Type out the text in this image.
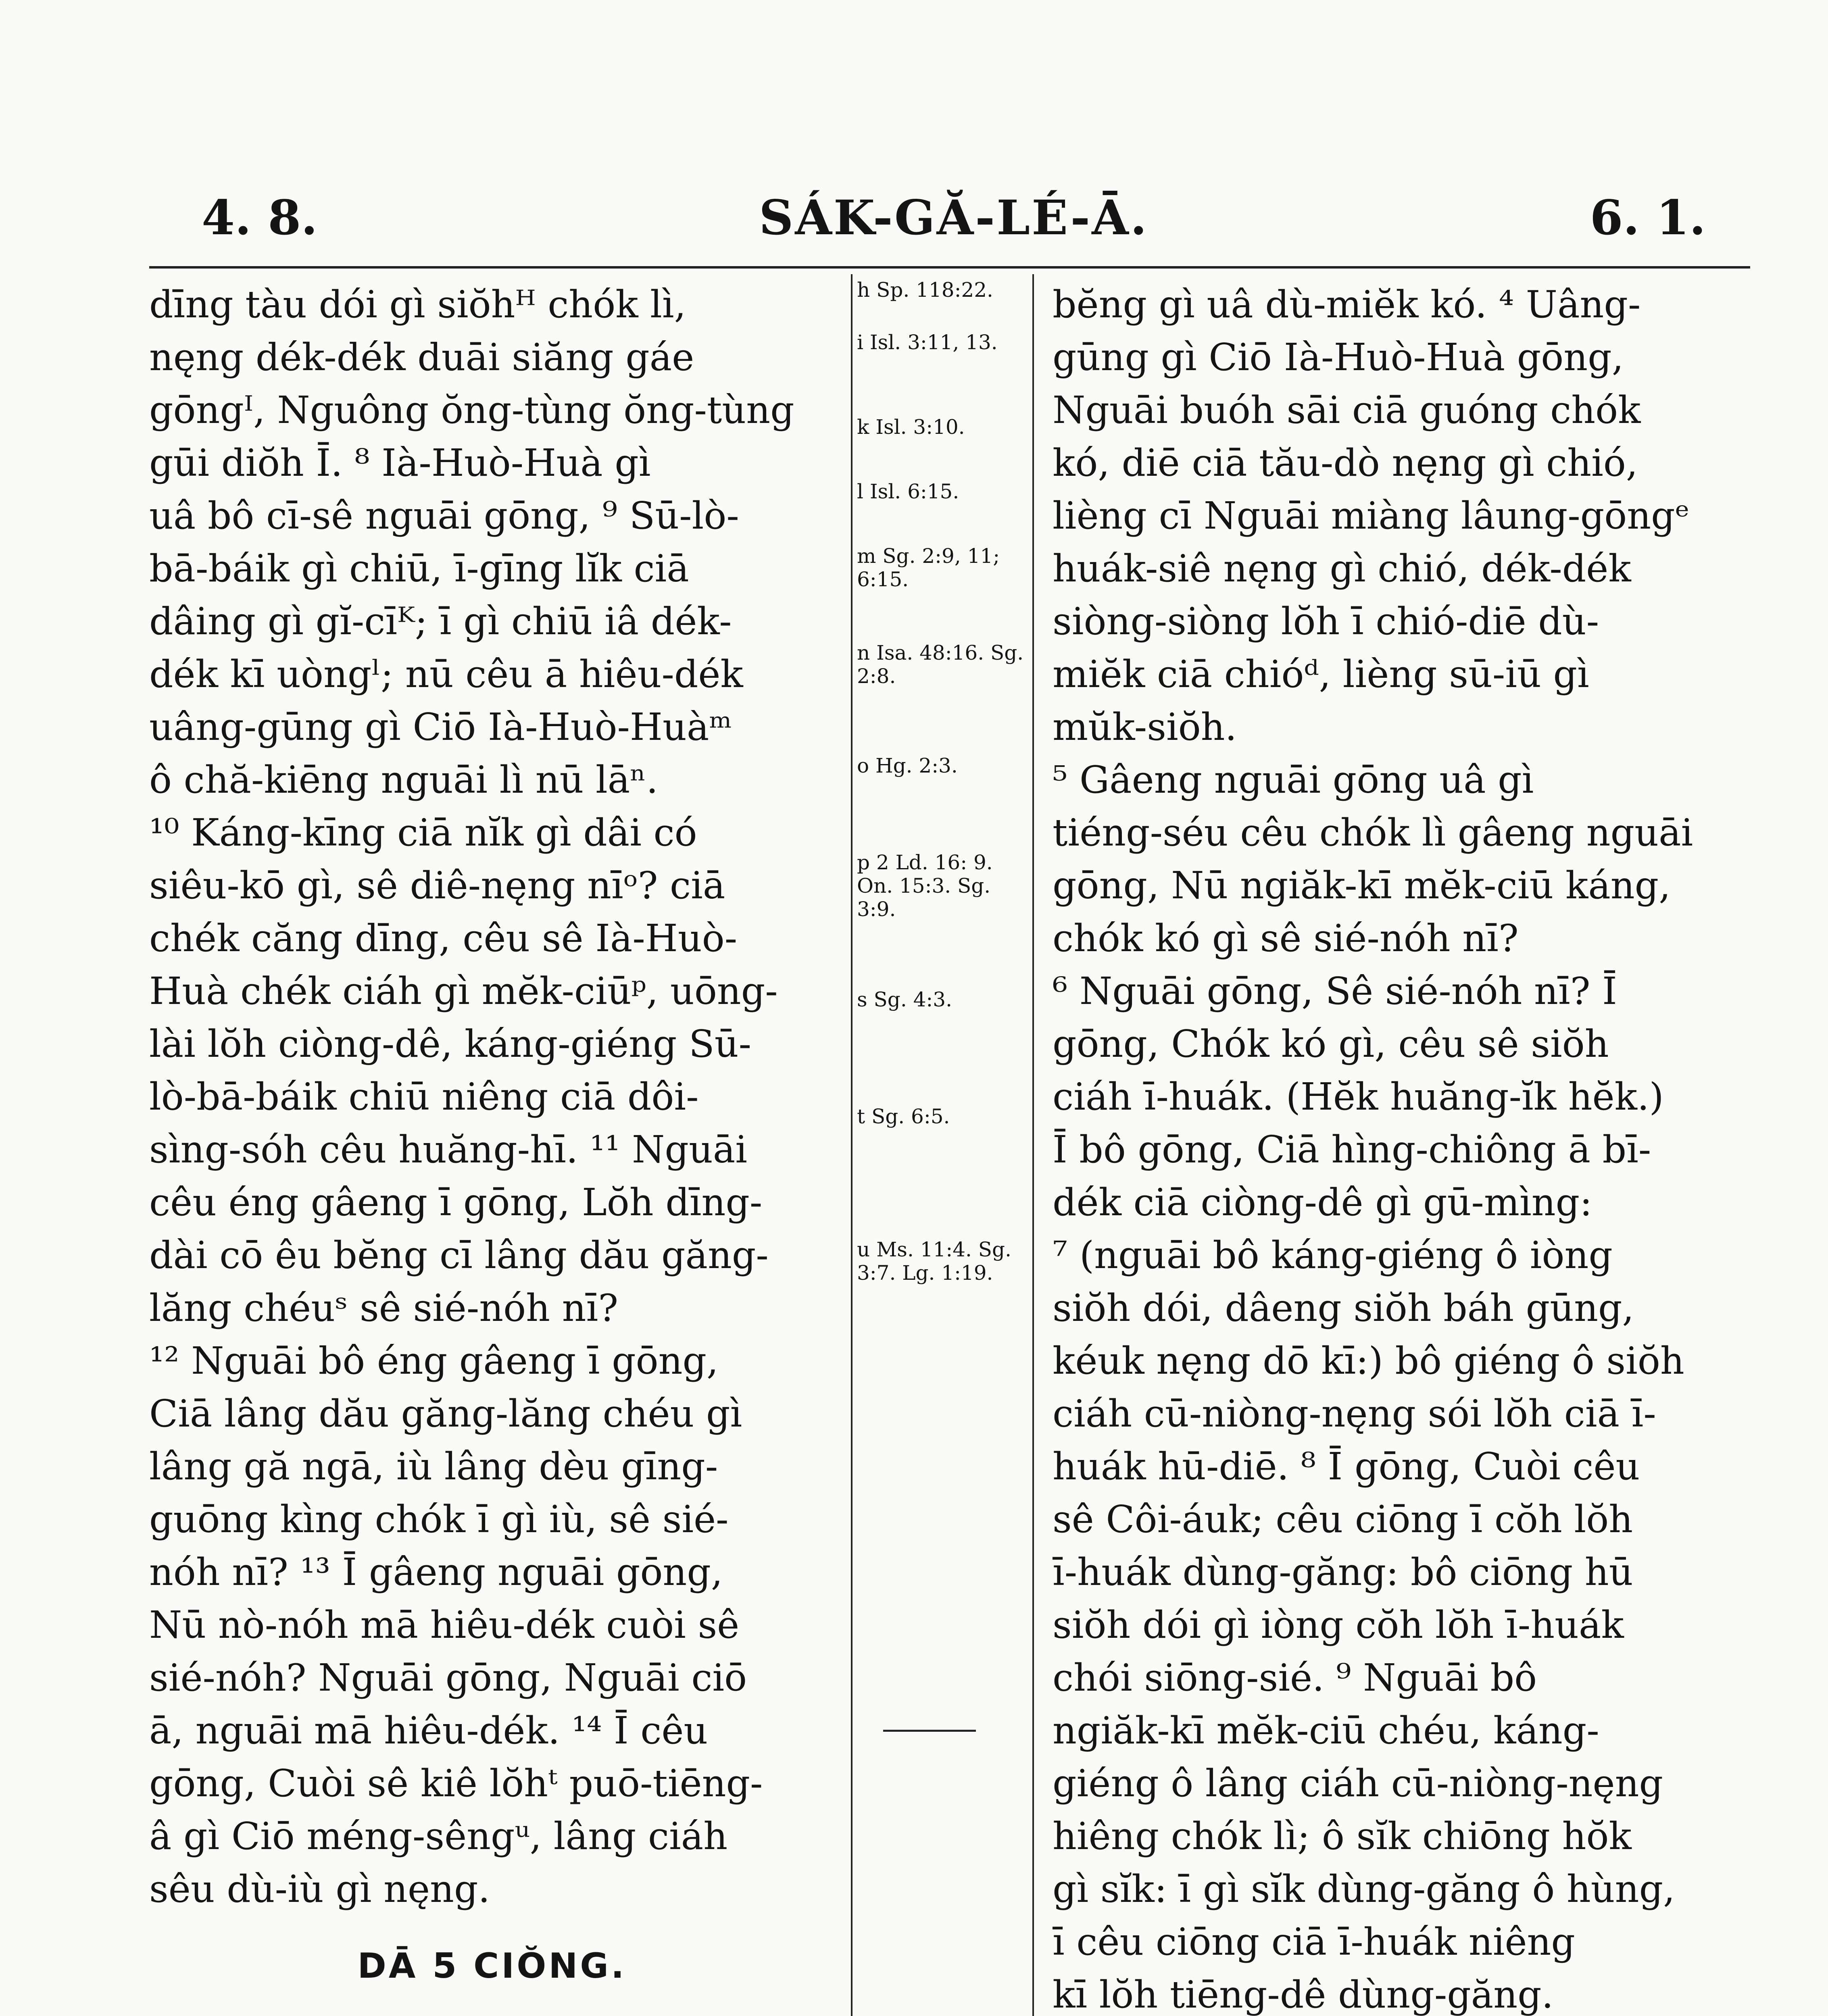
4. 8.	SÁK-GĂ-LÉ-Ā.	6. 1.
dīng tàu dói gì siŏhᴴ chók lì,
nęng dék-dék duāi siăng gáe
gōngᴵ, Nguông ŏng-tùng ŏng-tùng
gūi diŏh Ī. ⁸ Ià-Huò-Huà gì
uâ bô cī-sê nguāi gōng, ⁹ Sū-lò-
bā-báik gì chiū, ī-gīng lĭk ciā
dâing gì gĭ-cīᴷ; ī gì chiū iâ dék-
dék kī uòngˡ; nū cêu ā hiêu-dék
uâng-gūng gì Ciō Ià-Huò-Huàᵐ
ô chă-kiēng nguāi lì nū lāⁿ.
¹⁰ Káng-kīng ciā nĭk gì dâi có
siêu-kō gì, sê diê-nęng nīᵒ? ciā
chék căng dīng, cêu sê Ià-Huò-
Huà chék ciáh gì mĕk-ciūᵖ, uōng-
lài lŏh ciòng-dê, káng-giéng Sū-
lò-bā-báik chiū niêng ciā dôi-
sìng-sóh cêu huăng-hī. ¹¹ Nguāi
cêu éng gâeng ī gōng, Lŏh dīng-
dài cō êu bĕng cī lâng dău găng-
lăng chéuˢ sê sié-nóh nī?
¹² Nguāi bô éng gâeng ī gōng,
Ciā lâng dău găng-lăng chéu gì
lâng gă ngā, iù lâng dèu gīng-
guōng kìng chók ī gì iù, sê sié-
nóh nī? ¹³ Ī gâeng nguāi gōng,
Nū nò-nóh mā hiêu-dék cuòi sê
sié-nóh? Nguāi gōng, Nguāi ciō
ā, nguāi mā hiêu-dék. ¹⁴ Ī cêu
gōng, Cuòi sê kiê lŏhᵗ puō-tiēng-
â gì Ciō méng-sêngᵘ, lâng ciáh
sêu dù-iù gì nęng.
DĀ 5 CIŎNG.
h Sp. 118:22.
i Isl. 3:11, 13.
k Isl. 3:10.
l Isl. 6:15.
m Sg. 2:9, 11; 6:15.
n Isa. 48:16. Sg. 2:8.
o Hg. 2:3.
p 2 Ld. 16: 9. On. 15:3. Sg. 3:9.
s Sg. 4:3.
t Sg. 6:5.
u Ms. 11:4. Sg. 3:7. Lg. 1:19.
bĕng gì uâ dù-miĕk kó. ⁴ Uâng-
gūng gì Ciō Ià-Huò-Huà gōng,
Nguāi buóh sāi ciā guóng chók
kó, diē ciā tău-dò nęng gì chió,
lièng cī Nguāi miàng lâung-gōngᵉ
huák-siê nęng gì chió, dék-dék
siòng-siòng lŏh ī chió-diē dù-
miĕk ciā chióᵈ, lièng sū-iū gì
mŭk-siŏh.
⁵ Gâeng nguāi gōng uâ gì
tiéng-séu cêu chók lì gâeng nguāi
gōng, Nū ngiăk-kī mĕk-ciū káng,
chók kó gì sê sié-nóh nī?
⁶ Nguāi gōng, Sê sié-nóh nī? Ī
gōng, Chók kó gì, cêu sê siŏh
ciáh ī-huák. (Hĕk huăng-ĭk hĕk.)
Ī bô gōng, Ciā hìng-chiông ā bī-
dék ciā ciòng-dê gì gū-mìng:
⁷ (nguāi bô káng-giéng ô iòng
siŏh dói, dâeng siŏh báh gūng,
kéuk nęng dō kī:) bô giéng ô siŏh
ciáh cū-niòng-nęng sói lŏh ciā ī-
huák hū-diē. ⁸ Ī gōng, Cuòi cêu
sê Côi-áuk; cêu ciōng ī cŏh lŏh
ī-huák dùng-găng: bô ciōng hū
siŏh dói gì iòng cŏh lŏh ī-huák
chói siōng-sié. ⁹ Nguāi bô
ngiăk-kī mĕk-ciū chéu, káng-
giéng ô lâng ciáh cū-niòng-nęng
hiêng chók lì; ô sĭk chiōng hŏk
gì sĭk: ī gì sĭk dùng-găng ô hùng,
ī cêu ciōng ciā ī-huák niêng
kī lŏh tiēng-dê dùng-găng.
